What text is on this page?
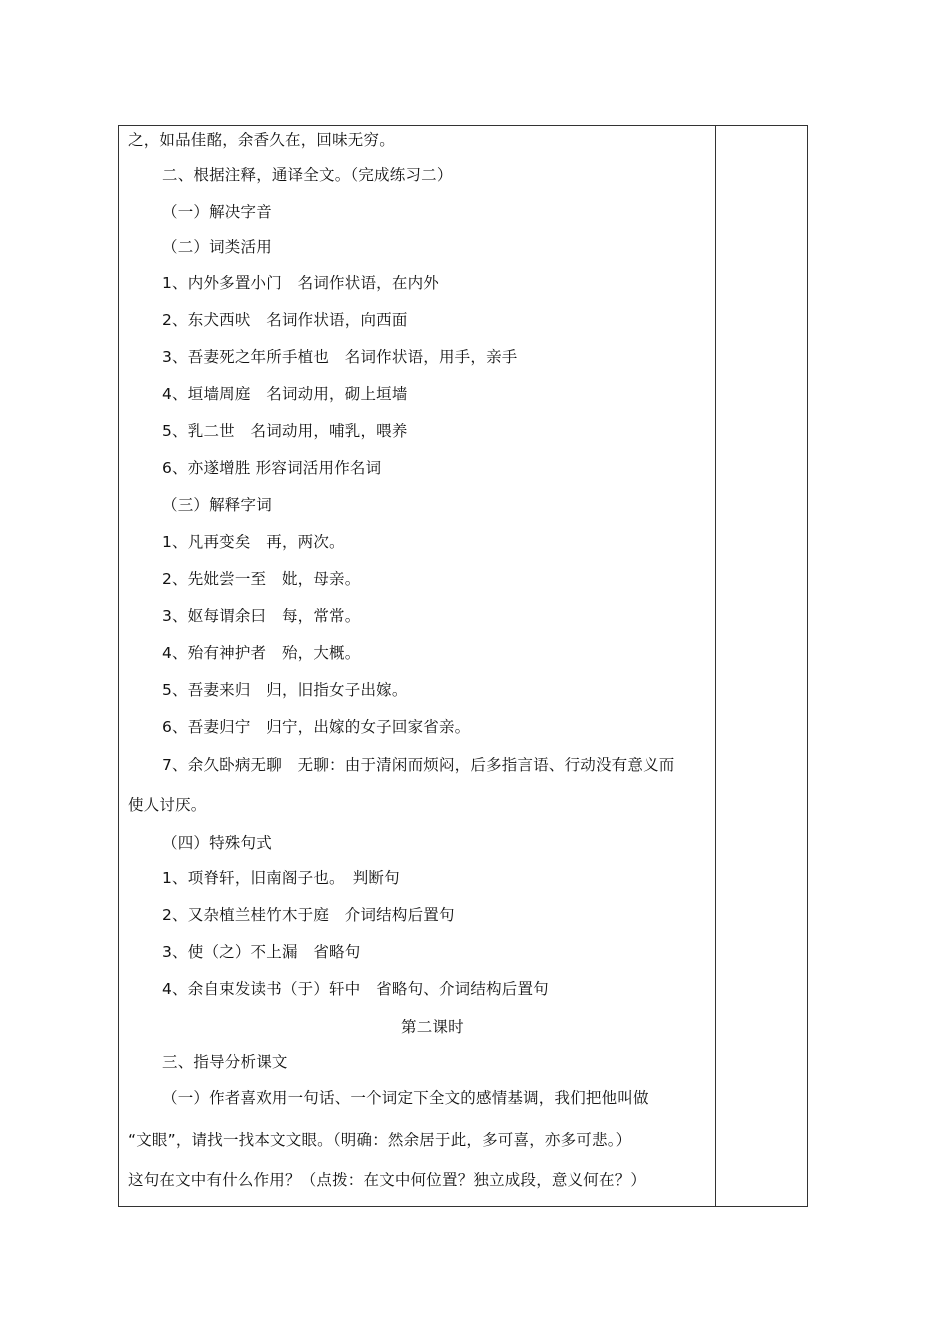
之，如品佳酩，余香久在，回味无穷。
二、根据注释，通译全文。（完成练习二）
（一）解决字音
（二）词类活用
1、内外多置小门　名词作状语，在内外
2、东犬西吠　名词作状语，向西面
3、吾妻死之年所手植也　名词作状语，用手，亲手
4、垣墙周庭　名词动用，砌上垣墙
5、乳二世　名词动用，哺乳，喂养
6、亦遂增胜 形容词活用作名词
（三）解释字词
1、凡再变矣　再，两次。
2、先妣尝一至　妣，母亲。
3、妪每谓余曰　每，常常。
4、殆有神护者　殆，大概。
5、吾妻来归　归，旧指女子出嫁。
6、吾妻归宁　归宁，出嫁的女子回家省亲。
7、余久卧病无聊　无聊：由于清闲而烦闷，后多指言语、行动没有意义而
使人讨厌。
（四）特殊句式
1、项脊轩，旧南阁子也。　判断句
2、又杂植兰桂竹木于庭　介词结构后置句
3、使（之）不上漏　省略句
4、余自束发读书（于）轩中　省略句、介词结构后置句
第二课时
三、指导分析课文
（一）作者喜欢用一句话、一个词定下全文的感情基调，我们把他叫做
“文眼”，请找一找本文文眼。（明确：然余居于此，多可喜，亦多可悲。）
这句在文中有什么作用？（点拨：在文中何位置？独立成段，意义何在？）
